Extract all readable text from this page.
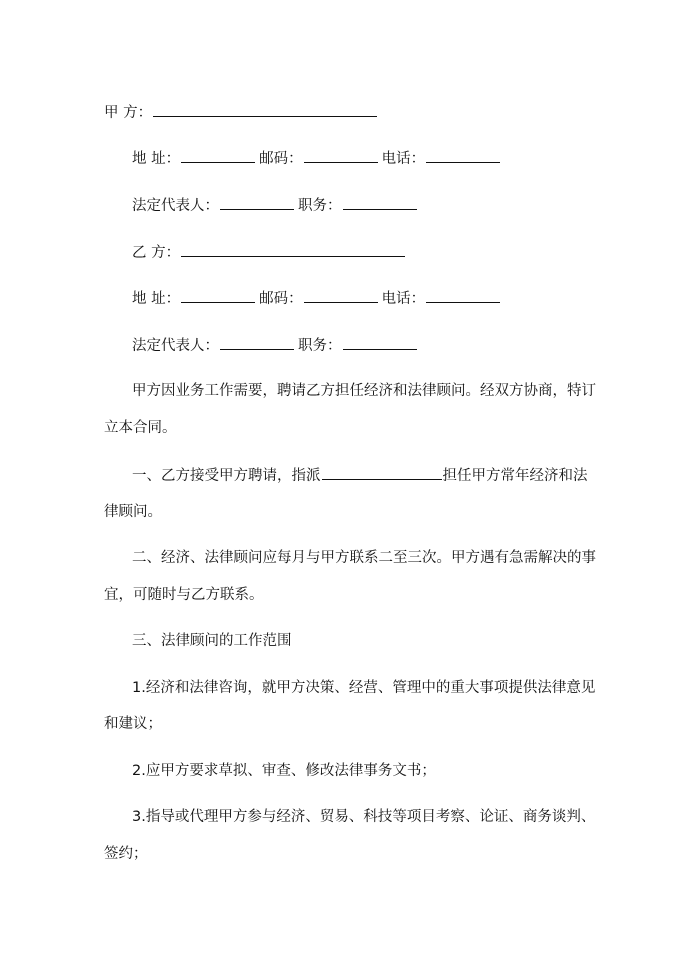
甲 方：
地 址：	邮码：	电话：
法定代表人：	职务：
乙 方：
地 址：	邮码：	电话：
法定代表人：	职务：
甲方因业务工作需要，聘请乙方担任经济和法律顾问。经双方协商，特订
立本合同。
一、乙方接受甲方聘请，指派	担任甲方常年经济和法
律顾问。
二、经济、法律顾问应每月与甲方联系二至三次。甲方遇有急需解决的事
宜，可随时与乙方联系。
三、法律顾问的工作范围
1.经济和法律咨询，就甲方决策、经营、管理中的重大事项提供法律意见
和建议；
2.应甲方要求草拟、审查、修改法律事务文书；
3.指导或代理甲方参与经济、贸易、科技等项目考察、论证、商务谈判、
签约；
